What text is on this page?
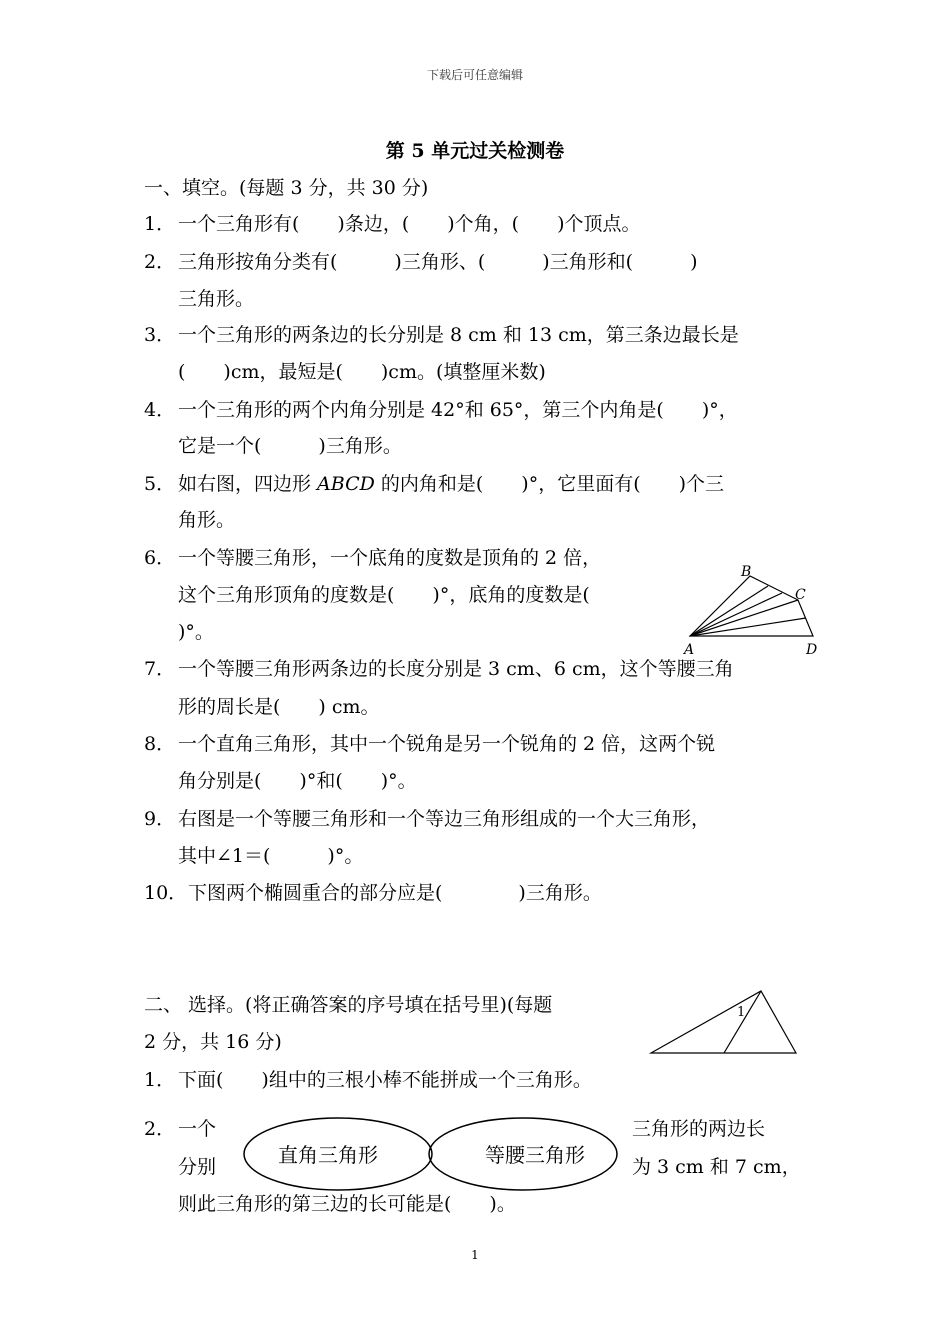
下载后可任意编辑
第 5 单元过关检测卷
一、填空。(每题 3 分，共 30 分)
1． 一个三角形有(　　)条边，(　　)个角，(　　)个顶点。
2． 三角形按角分类有(　　　)三角形、(　　　)三角形和(　　　)
三角形。
3． 一个三角形的两条边的长分别是 8 cm 和 13 cm，第三条边最长是
(　　)cm，最短是(　　)cm。(填整厘米数)
4． 一个三角形的两个内角分别是 42°和 65°，第三个内角是(　　)°，
它是一个(　　　)三角形。
5． 如右图，四边形 ABCD 的内角和是(　　)°，它里面有(　　)个三
角形。
6． 一个等腰三角形，一个底角的度数是顶角的 2 倍，
这个三角形顶角的度数是(　　)°，底角的度数是(
)°。
A
B
C
D
7． 一个等腰三角形两条边的长度分别是 3 cm、6 cm，这个等腰三角
形的周长是(　　) cm。
8． 一个直角三角形，其中一个锐角是另一个锐角的 2 倍，这两个锐
角分别是(　　)°和(　　)°。
9． 右图是一个等腰三角形和一个等边三角形组成的一个大三角形，
其中∠1＝(　　　)°。
10．下图两个椭圆重合的部分应是(　　　　)三角形。
二、 选择。(将正确答案的序号填在括号里)(每题
2 分，共 16 分)
1
1． 下面(　　)组中的三根小棒不能拼成一个三角形。
2． 一个	三角形的两边长
分别	为 3 cm 和 7 cm，
则此三角形的第三边的长可能是(　　)。
直角三角形	等腰三角形
1
